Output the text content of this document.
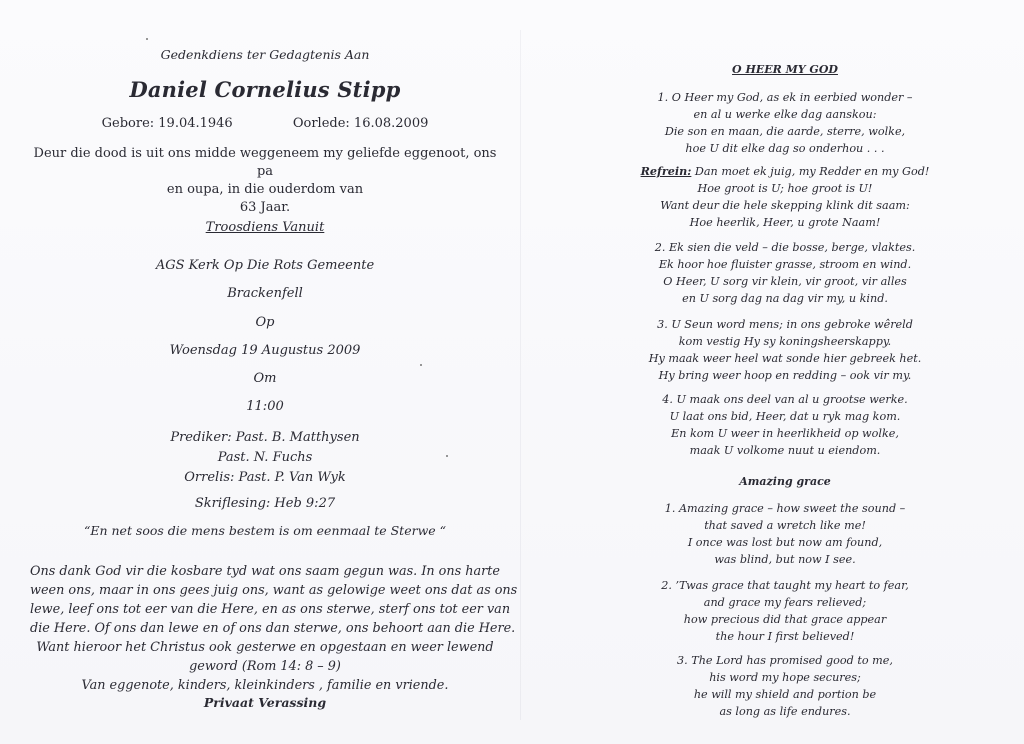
Gedenkdiens ter Gedagtenis Aan
Daniel Cornelius Stipp
Gebore: 19.04.1946	Oorlede: 16.08.2009
Deur die dood is uit ons midde weggeneem my geliefde eggenoot, ons pa
en oupa, in die ouderdom van
63 Jaar.
Troosdiens Vanuit
AGS Kerk Op Die Rots Gemeente
Brackenfell
Op
Woensdag 19 Augustus 2009
Om
11:00
Prediker: Past. B. Matthysen
Past. N. Fuchs
Orrelis: Past. P. Van Wyk
Skriflesing: Heb 9:27
“En net soos die mens bestem is om eenmaal te Sterwe “
Ons dank God vir die kosbare tyd wat ons saam gegun was. In ons harte
ween ons, maar in ons gees juig ons, want as gelowige weet ons dat as ons
lewe, leef ons tot eer van die Here, en as ons sterwe, sterf ons tot eer van
die Here. Of ons dan lewe en of ons dan sterwe, ons behoort aan die Here.
Want hieroor het Christus ook gesterwe en opgestaan en weer lewend
geword (Rom 14: 8 – 9)
Van eggenote, kinders, kleinkinders , familie en vriende.
Privaat Verassing
O HEER MY GOD
1. O Heer my God, as ek in eerbied wonder –
en al u werke elke dag aanskou:
Die son en maan, die aarde, sterre, wolke,
hoe U dit elke dag so onderhou . . .
Refrein: Dan moet ek juig, my Redder en my God!
Hoe groot is U; hoe groot is U!
Want deur die hele skepping klink dit saam:
Hoe heerlik, Heer, u grote Naam!
2. Ek sien die veld – die bosse, berge, vlaktes.
Ek hoor hoe fluister grasse, stroom en wind.
O Heer, U sorg vir klein, vir groot, vir alles
en U sorg dag na dag vir my, u kind.
3. U Seun word mens; in ons gebroke wêreld
kom vestig Hy sy koningsheerskappy.
Hy maak weer heel wat sonde hier gebreek het.
Hy bring weer hoop en redding – ook vir my.
4. U maak ons deel van al u grootse werke.
U laat ons bid, Heer, dat u ryk mag kom.
En kom U weer in heerlikheid op wolke,
maak U volkome nuut u eiendom.
Amazing grace
1. Amazing grace – how sweet the sound –
that saved a wretch like me!
I once was lost but now am found,
was blind, but now I see.
2. ’Twas grace that taught my heart to fear,
and grace my fears relieved;
how precious did that grace appear
the hour I first believed!
3. The Lord has promised good to me,
his word my hope secures;
he will my shield and portion be
as long as life endures.
